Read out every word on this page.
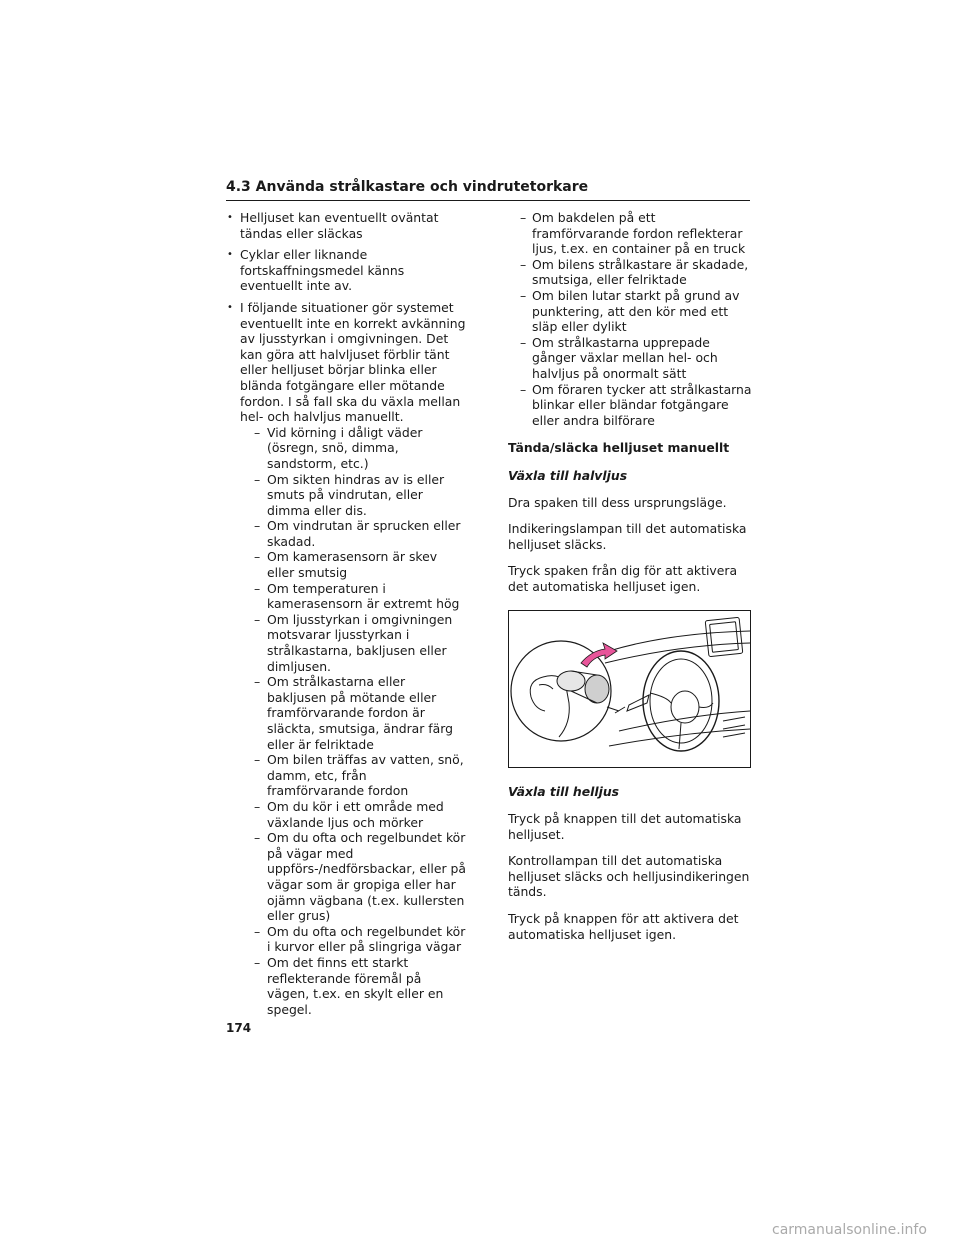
4.3 Använda strålkastare och vindrutetorkare
• Helljuset kan eventuellt oväntat tändas eller släckas
• Cyklar eller liknande fortskaffningsmedel känns eventuellt inte av.
• I följande situationer gör systemet eventuellt inte en korrekt avkänning av ljusstyrkan i omgivningen. Det kan göra att halvljuset förblir tänt eller helljuset börjar blinka eller blända fotgängare eller mötande fordon. I så fall ska du växla mellan hel- och halvljus manuellt.
– Vid körning i dåligt väder (ösregn, snö, dimma, sandstorm, etc.)
– Om sikten hindras av is eller smuts på vindrutan, eller dimma eller dis.
– Om vindrutan är sprucken eller skadad.
– Om kamerasensorn är skev eller smutsig
– Om temperaturen i kamerasensorn är extremt hög
– Om ljusstyrkan i omgivningen motsvarar ljusstyrkan i strålkastarna, bakljusen eller dimljusen.
– Om strålkastarna eller bakljusen på mötande eller framförvarande fordon är släckta, smutsiga, ändrar färg eller är felriktade
– Om bilen träffas av vatten, snö, damm, etc, från framförvarande fordon
– Om du kör i ett område med växlande ljus och mörker
– Om du ofta och regelbundet kör på vägar med uppförs-/nedförsbackar, eller på vägar som är gropiga eller har ojämn vägbana (t.ex. kullersten eller grus)
– Om du ofta och regelbundet kör i kurvor eller på slingriga vägar
– Om det finns ett starkt reflekterande föremål på vägen, t.ex. en skylt eller en spegel.
– Om bakdelen på ett framförvarande fordon reflekterar ljus, t.ex. en container på en truck
– Om bilens strålkastare är skadade, smutsiga, eller felriktade
– Om bilen lutar starkt på grund av punktering, att den kör med ett släp eller dylikt
– Om strålkastarna upprepade gånger växlar mellan hel- och halvljus på onormalt sätt
– Om föraren tycker att strålkastarna blinkar eller bländar fotgängare eller andra bilförare
Tända/släcka helljuset manuellt
Växla till halvljus
Dra spaken till dess ursprungsläge.
Indikeringslampan till det automatiska helljuset släcks.
Tryck spaken från dig för att aktivera det automatiska helljuset igen.
Växla till helljus
Tryck på knappen till det automatiska helljuset.
Kontrollampan till det automatiska helljuset släcks och helljusindikeringen tänds.
Tryck på knappen för att aktivera det automatiska helljuset igen.
174
carmanualsonline.info
